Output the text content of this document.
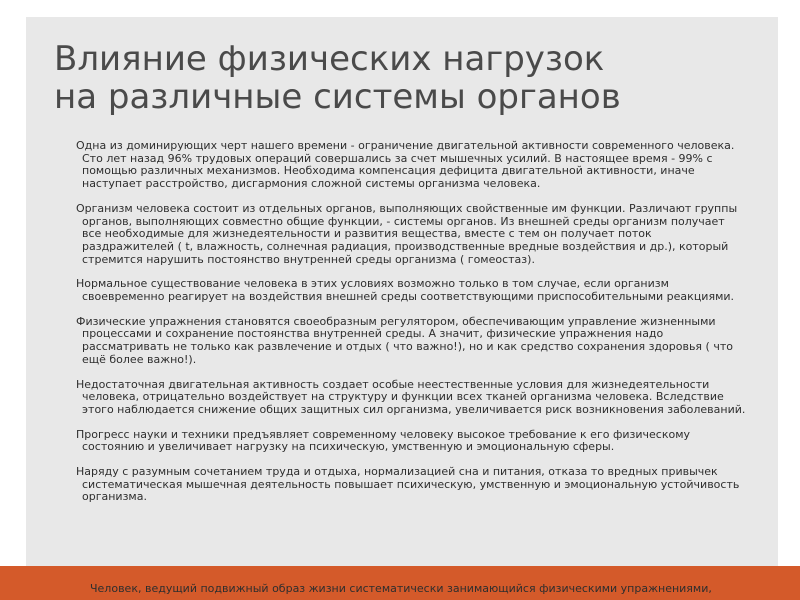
Влияние физических нагрузок
на различные системы органов

Одна из доминирующих черт нашего времени - ограничение двигательной активности современного человека. Сто лет назад 96% трудовых операций совершались за счет мышечных усилий. В настоящее время - 99% с помощью различных механизмов. Необходима компенсация дефицита двигательной активности, иначе наступает расстройство, дисгармония сложной системы организма человека.

Организм человека состоит из отдельных органов, выполняющих свойственные им функции. Различают группы органов, выполняющих совместно общие функции, - системы органов. Из внешней среды организм получает все необходимые для жизнедеятельности и развития вещества, вместе с тем он получает поток раздражителей ( t, влажность, солнечная радиация, производственные вредные воздействия и др.), который стремится нарушить постоянство внутренней среды организма ( гомеостаз).

Нормальное существование человека в этих условиях возможно только в том случае, если организм своевременно реагирует на воздействия внешней среды соответствующими приспособительными реакциями.

Физические упражнения становятся своеобразным регулятором, обеспечивающим управление жизненными процессами и сохранение постоянства внутренней среды. А значит, физические упражнения надо рассматривать не только как развлечение и отдых ( что важно!), но и как средство сохранения здоровья ( что ещё более важно!).

Недостаточная двигательная активность создает особые неестественные условия для жизнедеятельности человека, отрицательно воздействует на структуру и функции всех тканей организма человека. Вследствие этого наблюдается снижение общих защитных сил организма, увеличивается риск возникновения заболеваний.

Прогресс науки и техники предъявляет современному человеку высокое требование к его физическому состоянию и увеличивает нагрузку на психическую, умственную и эмоциональную сферы.

Наряду с разумным сочетанием труда и отдыха, нормализацией сна и питания, отказа то вредных привычек систематическая мышечная деятельность повышает психическую, умственную и эмоциональную устойчивость организма.

Человек, ведущий подвижный образ жизни систематически занимающийся физическими упражнениями,
